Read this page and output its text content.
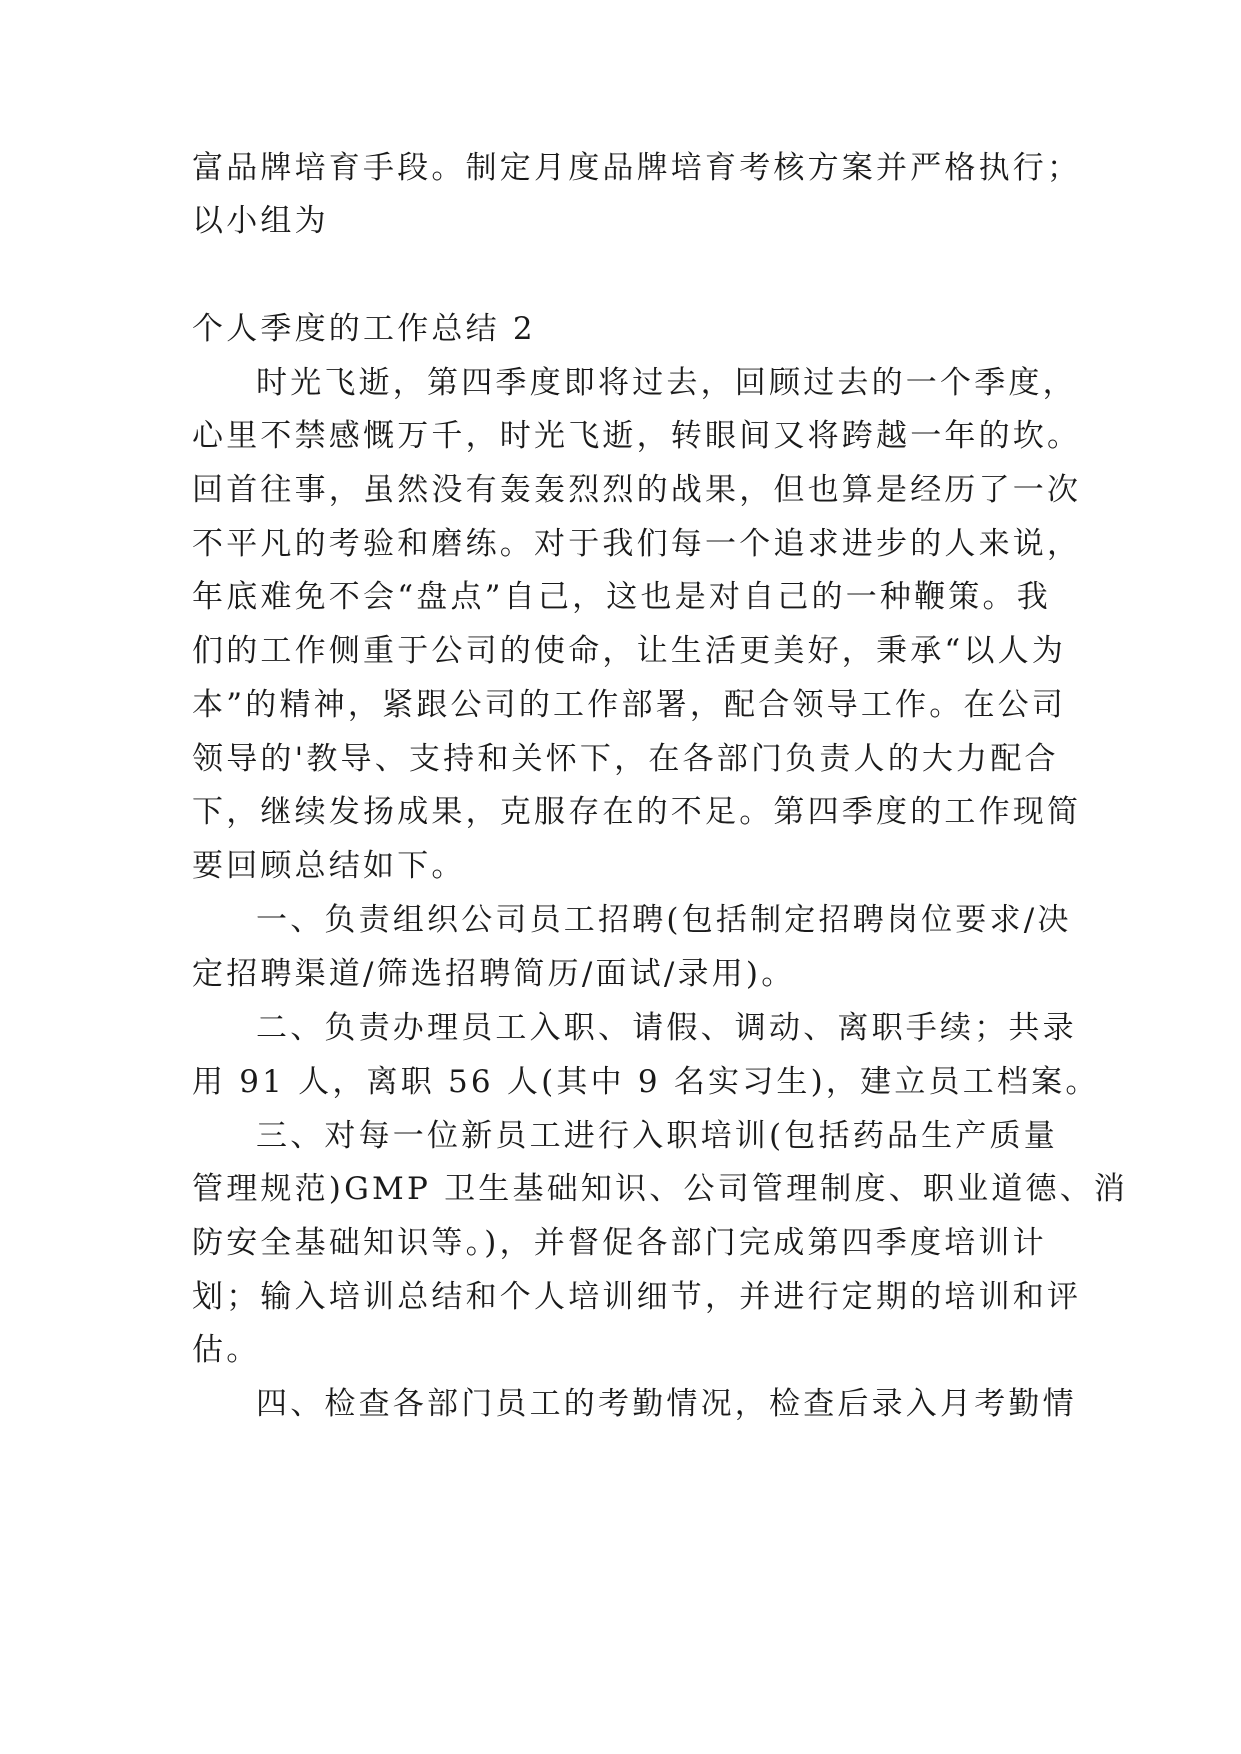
富品牌培育手段。制定月度品牌培育考核方案并严格执行；
以小组为
个人季度的工作总结 2
时光飞逝，第四季度即将过去，回顾过去的一个季度，
心里不禁感慨万千，时光飞逝，转眼间又将跨越一年的坎。
回首往事，虽然没有轰轰烈烈的战果，但也算是经历了一次
不平凡的考验和磨练。对于我们每一个追求进步的人来说，
年底难免不会“盘点”自己，这也是对自己的一种鞭策。我
们的工作侧重于公司的使命，让生活更美好，秉承“以人为
本”的精神，紧跟公司的工作部署，配合领导工作。在公司
领导的'教导、支持和关怀下，在各部门负责人的大力配合
下，继续发扬成果，克服存在的不足。第四季度的工作现简
要回顾总结如下。
一、负责组织公司员工招聘(包括制定招聘岗位要求/决
定招聘渠道/筛选招聘简历/面试/录用)。
二、负责办理员工入职、请假、调动、离职手续；共录
用 91 人，离职 56 人(其中 9 名实习生)，建立员工档案。
三、对每一位新员工进行入职培训(包括药品生产质量
管理规范)GMP 卫生基础知识、公司管理制度、职业道德、消
防安全基础知识等。)，并督促各部门完成第四季度培训计
划；输入培训总结和个人培训细节，并进行定期的培训和评
估。
四、检查各部门员工的考勤情况，检查后录入月考勤情
